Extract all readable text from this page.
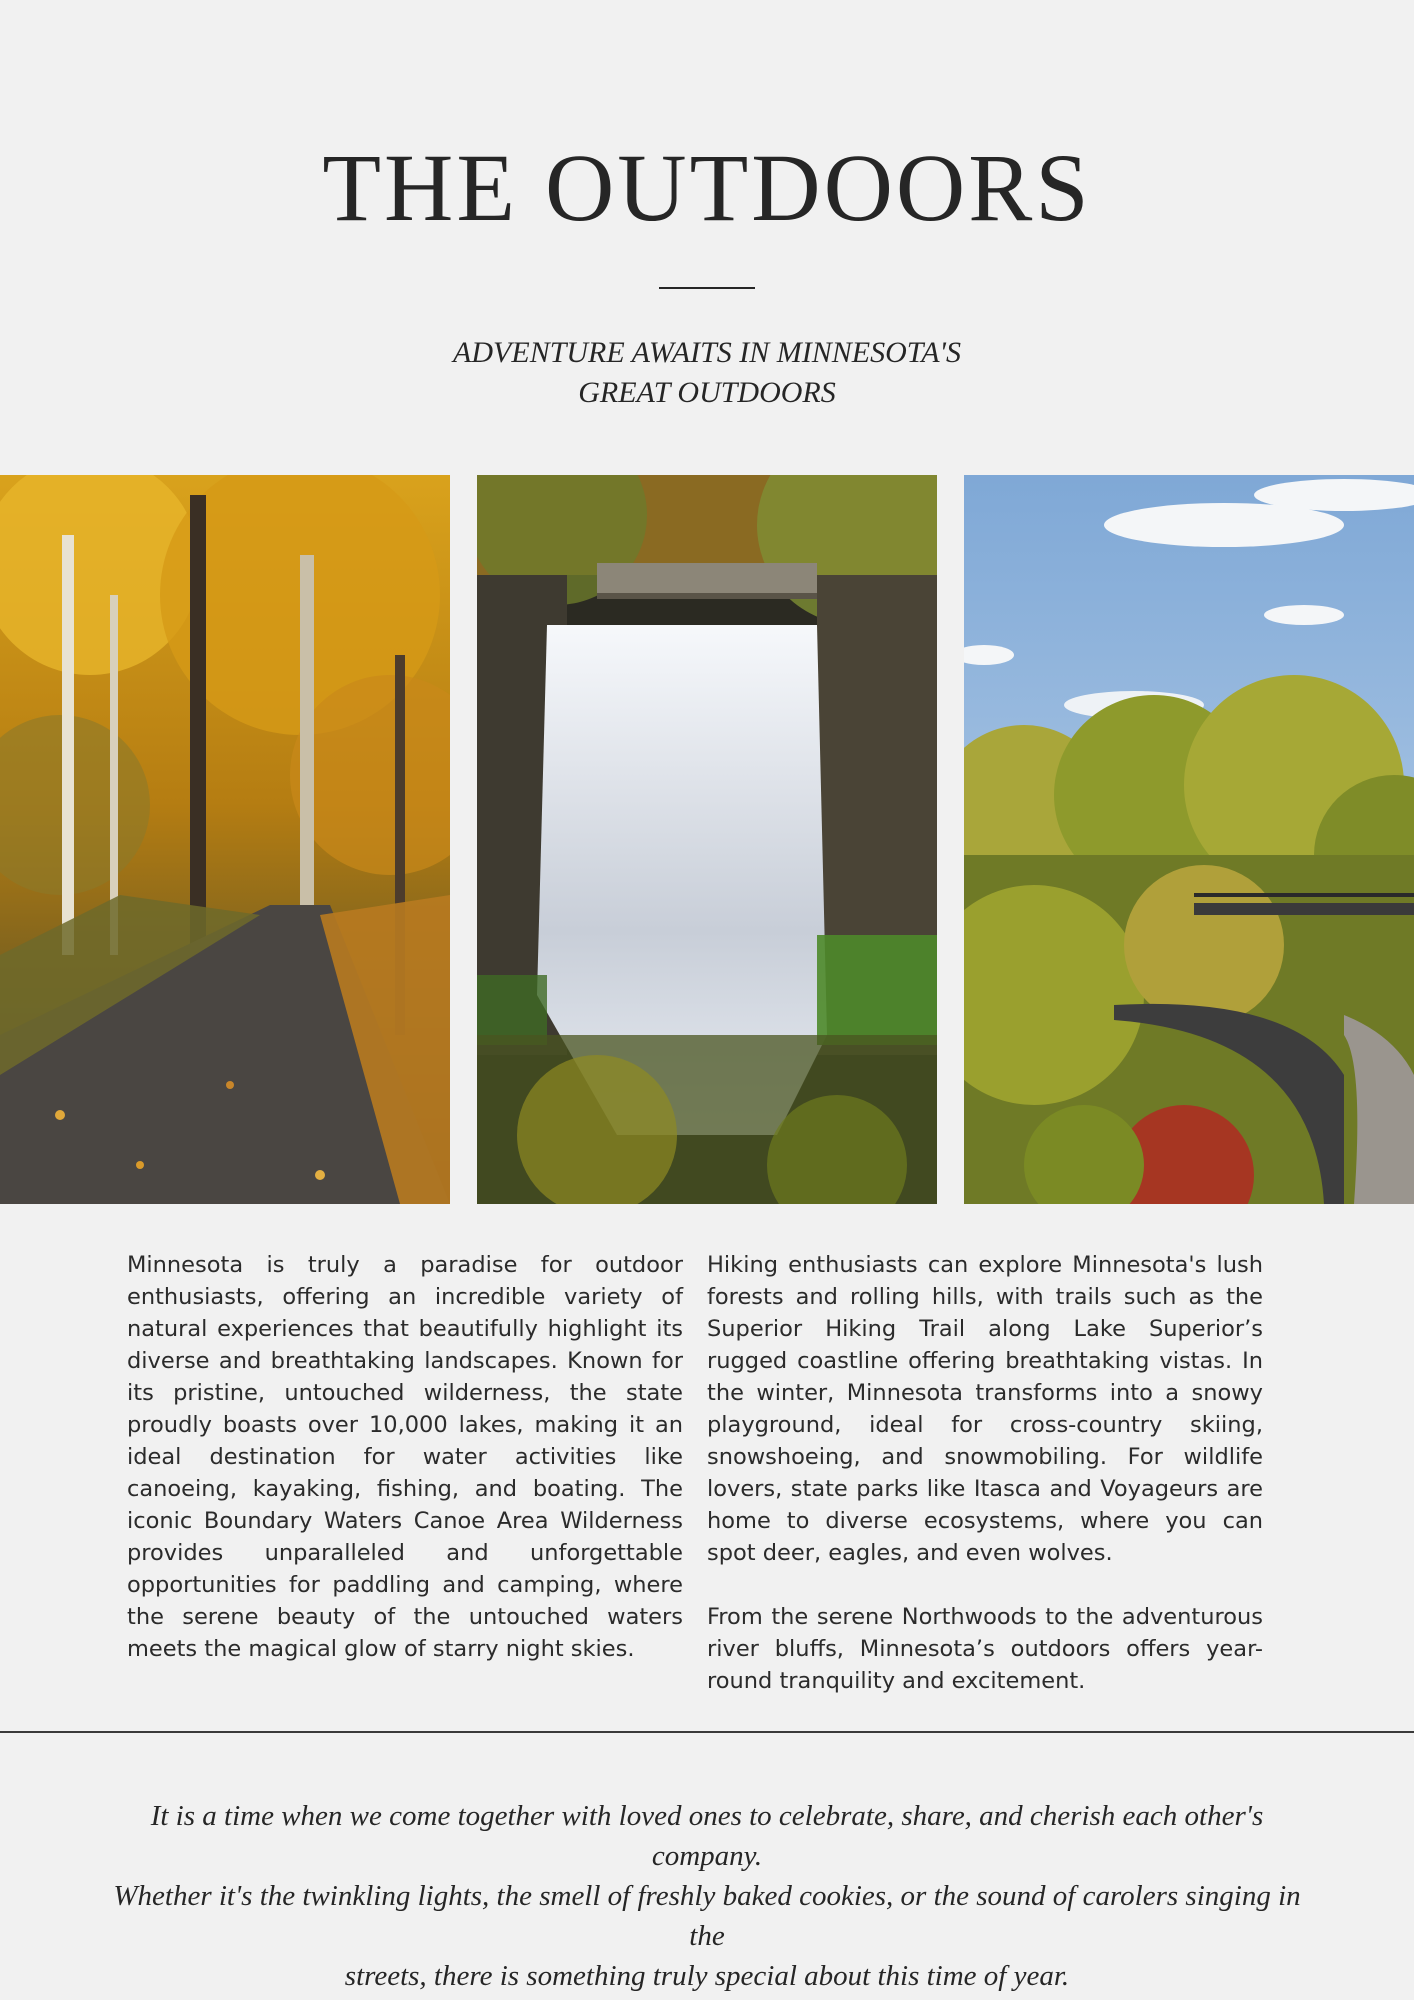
THE OUTDOORS
ADVENTURE AWAITS IN MINNESOTA'S
GREAT OUTDOORS

Minnesota is truly a paradise for outdoor enthusiasts, offering an incredible variety of natural experiences that beautifully highlight its diverse and breathtaking landscapes. Known for its pristine, untouched wilderness, the state proudly boasts over 10,000 lakes, making it an ideal destination for water activities like canoeing, kayaking, fishing, and boating. The iconic Boundary Waters Canoe Area Wilderness provides unparalleled and unforgettable opportunities for paddling and camping, where the serene beauty of the untouched waters meets the magical glow of starry night skies.

Hiking enthusiasts can explore Minnesota's lush forests and rolling hills, with trails such as the Superior Hiking Trail along Lake Superior’s rugged coastline offering breathtaking vistas. In the winter, Minnesota transforms into a snowy playground, ideal for cross-country skiing, snowshoeing, and snowmobiling. For wildlife lovers, state parks like Itasca and Voyageurs are home to diverse ecosystems, where you can spot deer, eagles, and even wolves.

From the serene Northwoods to the adventurous river bluffs, Minnesota’s outdoors offers year-round tranquility and excitement.

It is a time when we come together with loved ones to celebrate, share, and cherish each other's company.
Whether it's the twinkling lights, the smell of freshly baked cookies, or the sound of carolers singing in the
streets, there is something truly special about this time of year.
